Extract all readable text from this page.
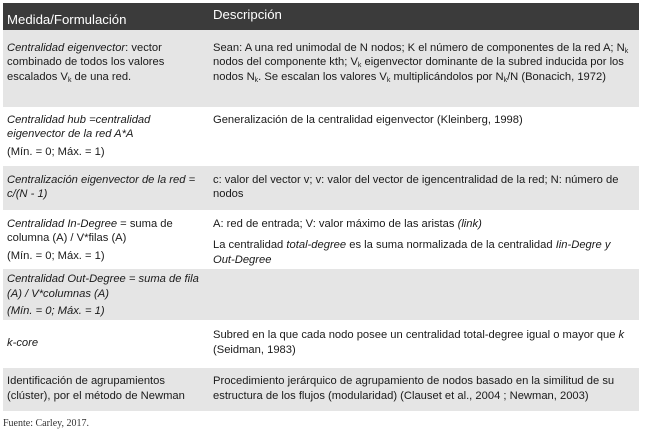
Medida/Formulación	Descripción
Centralidad eigenvector: vector combinado de todos los valores escalados $V_k$ de una red.	Sean: A una red unimodal de N nodos; K el número de componentes de la red A; $N_k$ nodos del componente kth; $V_k$ eigenvector dominante de la subred inducida por los nodos $N_k$. Se escalan los valores $V_k$ multiplicándolos por $N_k/N$ (Bonacich, 1972)

Centralidad hub =centralidad eigenvector de la red A*A
(Mín. = 0; Máx. = 1)	Generalización de la centralidad eigenvector (Kleinberg, 1998)
Centralización eigenvector de la red = c/(N - 1)	c: valor del vector v; v: valor del vector de igencentralidad de la red; N: número de nodos
Centralidad In-Degree = suma de columna (A) / V*filas (A)
(Mín. = 0; Máx. = 1)	A: red de entrada; V: valor máximo de las aristas (link)
La centralidad total-degree es la suma normalizada de la centralidad Iin-Degre y Out-Degree

Centralidad Out-Degree = suma de fila (A) / V*columnas (A)
(Mín. = 0; Máx. = 1)	

k-core	Subred en la que cada nodo posee un centralidad total-degree igual o mayor que k (Seidman, 1983)
Identificación de agrupamientos (clúster), por el método de Newman	Procedimiento jerárquico de agrupamiento de nodos basado en la similitud de su estructura de los flujos (modularidad) (Clauset et al., 2004 ; Newman, 2003)
Fuente: Carley, 2017.
